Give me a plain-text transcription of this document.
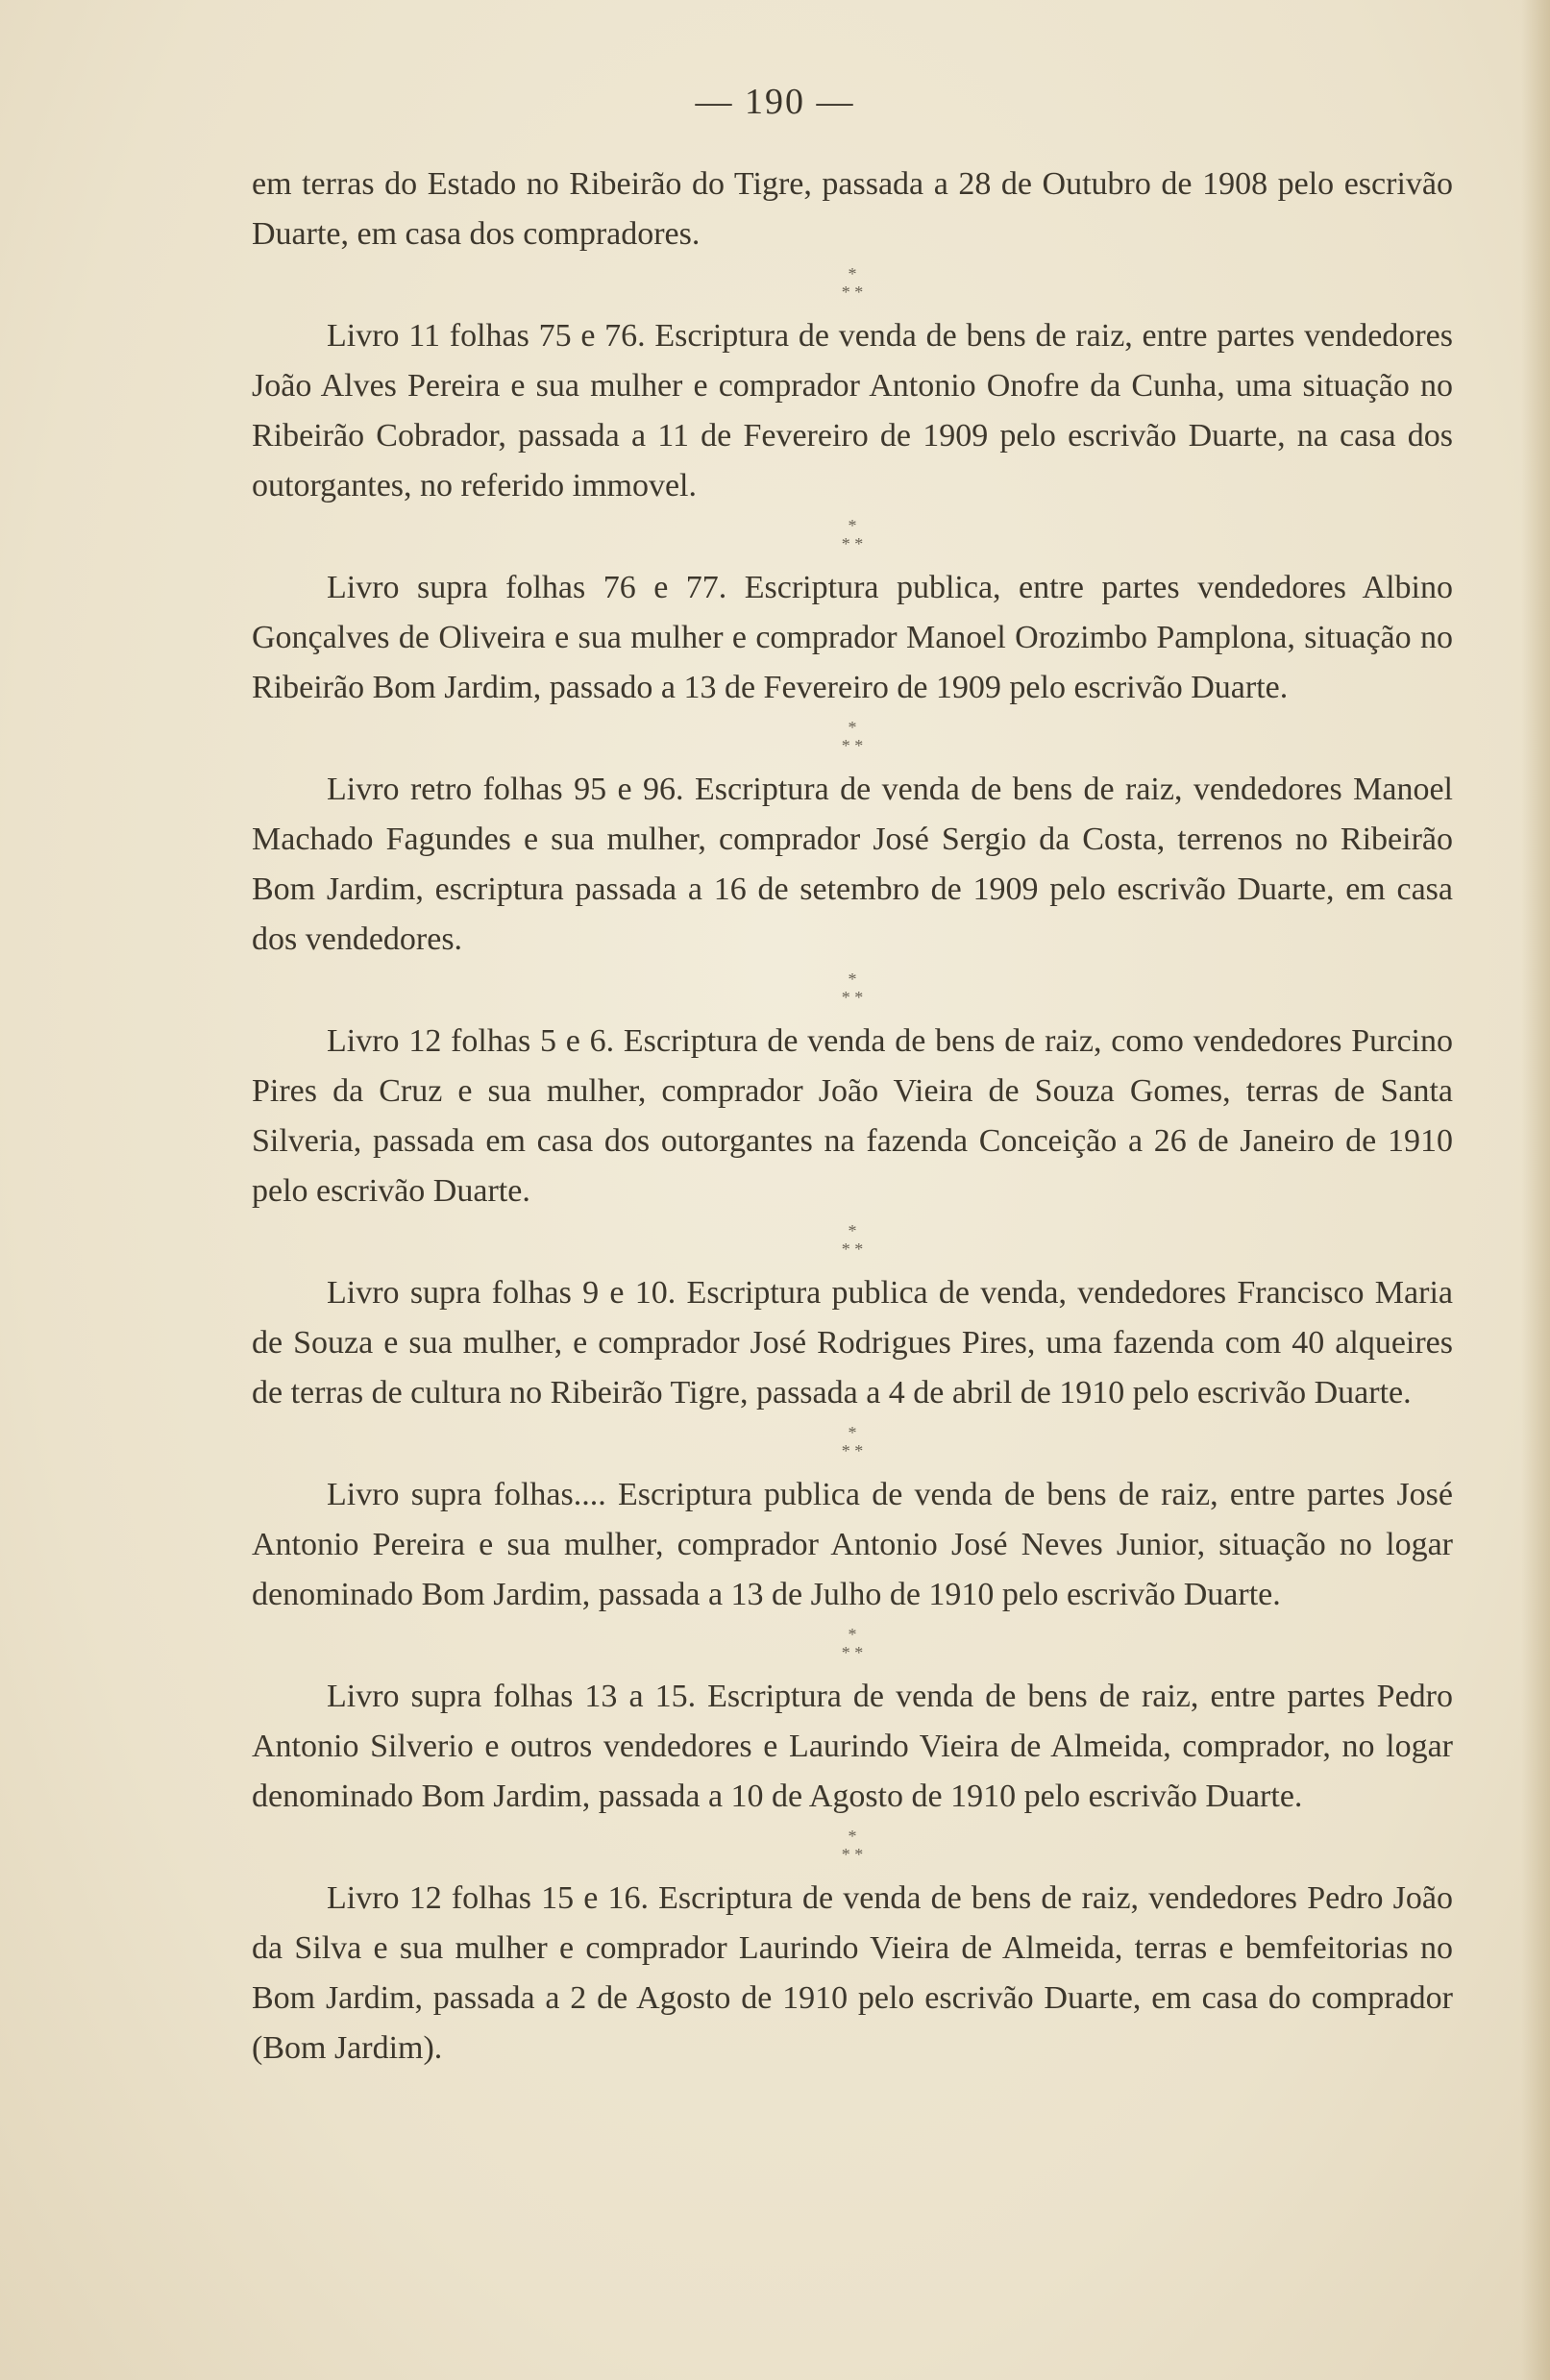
— 190 —

em terras do Estado no Ribeirão do Tigre, passada a 28 de Outubro de 1908 pelo escrivão Duarte, em casa dos compradores.

*
* *

Livro 11 folhas 75 e 76. Escriptura de venda de bens de raiz, entre partes vendedores João Alves Pereira e sua mulher e comprador Antonio Onofre da Cunha, uma situação no Ribeirão Cobrador, passada a 11 de Fevereiro de 1909 pelo escrivão Duarte, na casa dos outorgantes, no referido immovel.

*
* *

Livro supra folhas 76 e 77. Escriptura publica, entre partes vendedores Albino Gonçalves de Oliveira e sua mulher e comprador Manoel Orozimbo Pamplona, situação no Ribeirão Bom Jardim, passado a 13 de Fevereiro de 1909 pelo escrivão Duarte.

*
* *

Livro retro folhas 95 e 96. Escriptura de venda de bens de raiz, vendedores Manoel Machado Fagundes e sua mulher, comprador José Sergio da Costa, terrenos no Ribeirão Bom Jardim, escriptura passada a 16 de setembro de 1909 pelo escrivão Duarte, em casa dos vendedores.

*
* *

Livro 12 folhas 5 e 6. Escriptura de venda de bens de raiz, como vendedores Purcino Pires da Cruz e sua mulher, comprador João Vieira de Souza Gomes, terras de Santa Silveria, passada em casa dos outorgantes na fazenda Conceição a 26 de Janeiro de 1910 pelo escrivão Duarte.

*
* *

Livro supra folhas 9 e 10. Escriptura publica de venda, vendedores Francisco Maria de Souza e sua mulher, e comprador José Rodrigues Pires, uma fazenda com 40 alqueires de terras de cultura no Ribeirão Tigre, passada a 4 de abril de 1910 pelo escrivão Duarte.

*
* *

Livro supra folhas.... Escriptura publica de venda de bens de raiz, entre partes José Antonio Pereira e sua mulher, comprador Antonio José Neves Junior, situação no logar denominado Bom Jardim, passada a 13 de Julho de 1910 pelo escrivão Duarte.

*
* *

Livro supra folhas 13 a 15. Escriptura de venda de bens de raiz, entre partes Pedro Antonio Silverio e outros vendedores e Laurindo Vieira de Almeida, comprador, no logar denominado Bom Jardim, passada a 10 de Agosto de 1910 pelo escrivão Duarte.

*
* *

Livro 12 folhas 15 e 16. Escriptura de venda de bens de raiz, vendedores Pedro João da Silva e sua mulher e comprador Laurindo Vieira de Almeida, terras e bemfeitorias no Bom Jardim, passada a 2 de Agosto de 1910 pelo escrivão Duarte, em casa do comprador (Bom Jardim).
